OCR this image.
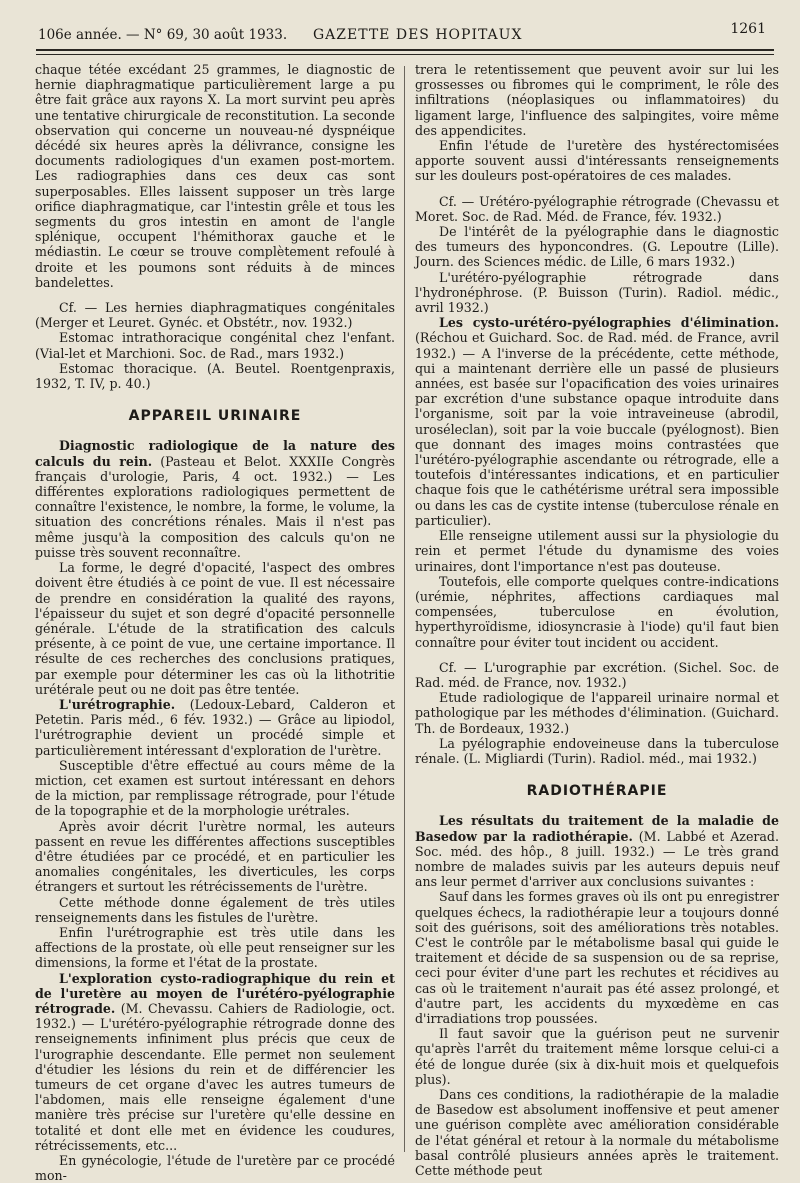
106e année. — N° 69, 30 août 1933. GAZETTE DES HOPITAUX	1261

chaque tétée excédant 25 grammes, le diagnostic de hernie diaphragmatique particulièrement large a pu être fait grâce aux rayons X. La mort survint peu après une tentative chirurgicale de reconstitution. La seconde observation qui concerne un nouveau-né dyspnéique décédé six heures après la délivrance, consigne les documents radiologiques d'un examen post-mortem. Les radiographies dans ces deux cas sont superposables. Elles laissent supposer un très large orifice diaphragmatique, car l'intestin grêle et tous les segments du gros intestin en amont de l'angle splénique, occupent l'hémithorax gauche et le médiastin. Le cœur se trouve complètement refoulé à droite et les poumons sont réduits à de minces bandelettes.

Cf. — Les hernies diaphragmatiques congénitales (Merger et Leuret. Gynéc. et Obstétr., nov. 1932.)

Estomac intrathoracique congénital chez l'enfant. (Vial-let et Marchioni. Soc. de Rad., mars 1932.)

Estomac thoracique. (A. Beutel. Roentgenpraxis, 1932, T. IV, p. 40.)

APPAREIL URINAIRE

Diagnostic radiologique de la nature des calculs du rein. (Pasteau et Belot. XXXIIe Congrès français d'urologie, Paris, 4 oct. 1932.) — Les différentes explorations radiologiques permettent de connaître l'existence, le nombre, la forme, le volume, la situation des concrétions rénales. Mais il n'est pas même jusqu'à la composition des calculs qu'on ne puisse très souvent reconnaître.

La forme, le degré d'opacité, l'aspect des ombres doivent être étudiés à ce point de vue. Il est nécessaire de prendre en considération la qualité des rayons, l'épaisseur du sujet et son degré d'opacité personnelle générale. L'étude de la stratification des calculs présente, à ce point de vue, une certaine importance. Il résulte de ces recherches des conclusions pratiques, par exemple pour déterminer les cas où la lithotritie urétérale peut ou ne doit pas être tentée.

L'urétrographie. (Ledoux-Lebard, Calderon et Petetin. Paris méd., 6 fév. 1932.) — Grâce au lipiodol, l'urétrographie devient un procédé simple et particulièrement intéressant d'exploration de l'urètre.

Susceptible d'être effectué au cours même de la miction, cet examen est surtout intéressant en dehors de la miction, par remplissage rétrograde, pour l'étude de la topographie et de la morphologie urétrales.

Après avoir décrit l'urètre normal, les auteurs passent en revue les différentes affections susceptibles d'être étudiées par ce procédé, et en particulier les anomalies congénitales, les diverticules, les corps étrangers et surtout les rétrécissements de l'urètre.

Cette méthode donne également de très utiles renseignements dans les fistules de l'urètre.

Enfin l'urétrographie est très utile dans les affections de la prostate, où elle peut renseigner sur les dimensions, la forme et l'état de la prostate.

L'exploration cysto-radiographique du rein et de l'uretère au moyen de l'urétéro-pyélographie rétrograde. (M. Chevassu. Cahiers de Radiologie, oct. 1932.) — L'urétéro-pyélographie rétrograde donne des renseignements infiniment plus précis que ceux de l'urographie descendante. Elle permet non seulement d'étudier les lésions du rein et de différencier les tumeurs de cet organe d'avec les autres tumeurs de l'abdomen, mais elle renseigne également d'une manière très précise sur l'uretère qu'elle dessine en totalité et dont elle met en évidence les coudures, rétrécissements, etc...

En gynécologie, l'étude de l'uretère par ce procédé mon-

trera le retentissement que peuvent avoir sur lui les grossesses ou fibromes qui le compriment, le rôle des infiltrations (néoplasiques ou inflammatoires) du ligament large, l'influence des salpingites, voire même des appendicites.

Enfin l'étude de l'uretère des hystérectomisées apporte souvent aussi d'intéressants renseignements sur les douleurs post-opératoires de ces malades.

Cf. — Urétéro-pyélographie rétrograde (Chevassu et Moret. Soc. de Rad. Méd. de France, fév. 1932.)

De l'intérêt de la pyélographie dans le diagnostic des tumeurs des hyponcondres. (G. Lepoutre (Lille). Journ. des Sciences médic. de Lille, 6 mars 1932.)

L'urétéro-pyélographie rétrograde dans l'hydronéphrose. (P. Buisson (Turin). Radiol. médic., avril 1932.)

Les cysto-urétéro-pyélographies d'élimination. (Réchou et Guichard. Soc. de Rad. méd. de France, avril 1932.) — A l'inverse de la précédente, cette méthode, qui a maintenant derrière elle un passé de plusieurs années, est basée sur l'opacification des voies urinaires par excrétion d'une substance opaque introduite dans l'organisme, soit par la voie intraveineuse (abrodil, uroséleclan), soit par la voie buccale (pyélognost). Bien que donnant des images moins contrastées que l'urétéro-pyélographie ascendante ou rétrograde, elle a toutefois d'intéressantes indications, et en particulier chaque fois que le cathétérisme urétral sera impossible ou dans les cas de cystite intense (tuberculose rénale en particulier).

Elle renseigne utilement aussi sur la physiologie du rein et permet l'étude du dynamisme des voies urinaires, dont l'importance n'est pas douteuse.

Toutefois, elle comporte quelques contre-indications (urémie, néphrites, affections cardiaques mal compensées, tuberculose en évolution, hyperthyroïdisme, idiosyncrasie à l'iode) qu'il faut bien connaître pour éviter tout incident ou accident.

Cf. — L'urographie par excrétion. (Sichel. Soc. de Rad. méd. de France, nov. 1932.)

Etude radiologique de l'appareil urinaire normal et pathologique par les méthodes d'élimination. (Guichard. Th. de Bordeaux, 1932.)

La pyélographie endoveineuse dans la tuberculose rénale. (L. Migliardi (Turin). Radiol. méd., mai 1932.)

RADIOTHÉRAPIE

Les résultats du traitement de la maladie de Basedow par la radiothérapie. (M. Labbé et Azerad. Soc. méd. des hôp., 8 juill. 1932.) — Le très grand nombre de malades suivis par les auteurs depuis neuf ans leur permet d'arriver aux conclusions suivantes :

Sauf dans les formes graves où ils ont pu enregistrer quelques échecs, la radiothérapie leur a toujours donné soit des guérisons, soit des améliorations très notables. C'est le contrôle par le métabolisme basal qui guide le traitement et décide de sa suspension ou de sa reprise, ceci pour éviter d'une part les rechutes et récidives au cas où le traitement n'aurait pas été assez prolongé, et d'autre part, les accidents du myxœdème en cas d'irradiations trop poussées.

Il faut savoir que la guérison peut ne survenir qu'après l'arrêt du traitement même lorsque celui-ci a été de longue durée (six à dix-huit mois et quelquefois plus).

Dans ces conditions, la radiothérapie de la maladie de Basedow est absolument inoffensive et peut amener une guérison complète avec amélioration considérable de l'état général et retour à la normale du métabolisme basal contrôlé plusieurs années après le traitement. Cette méthode peut
